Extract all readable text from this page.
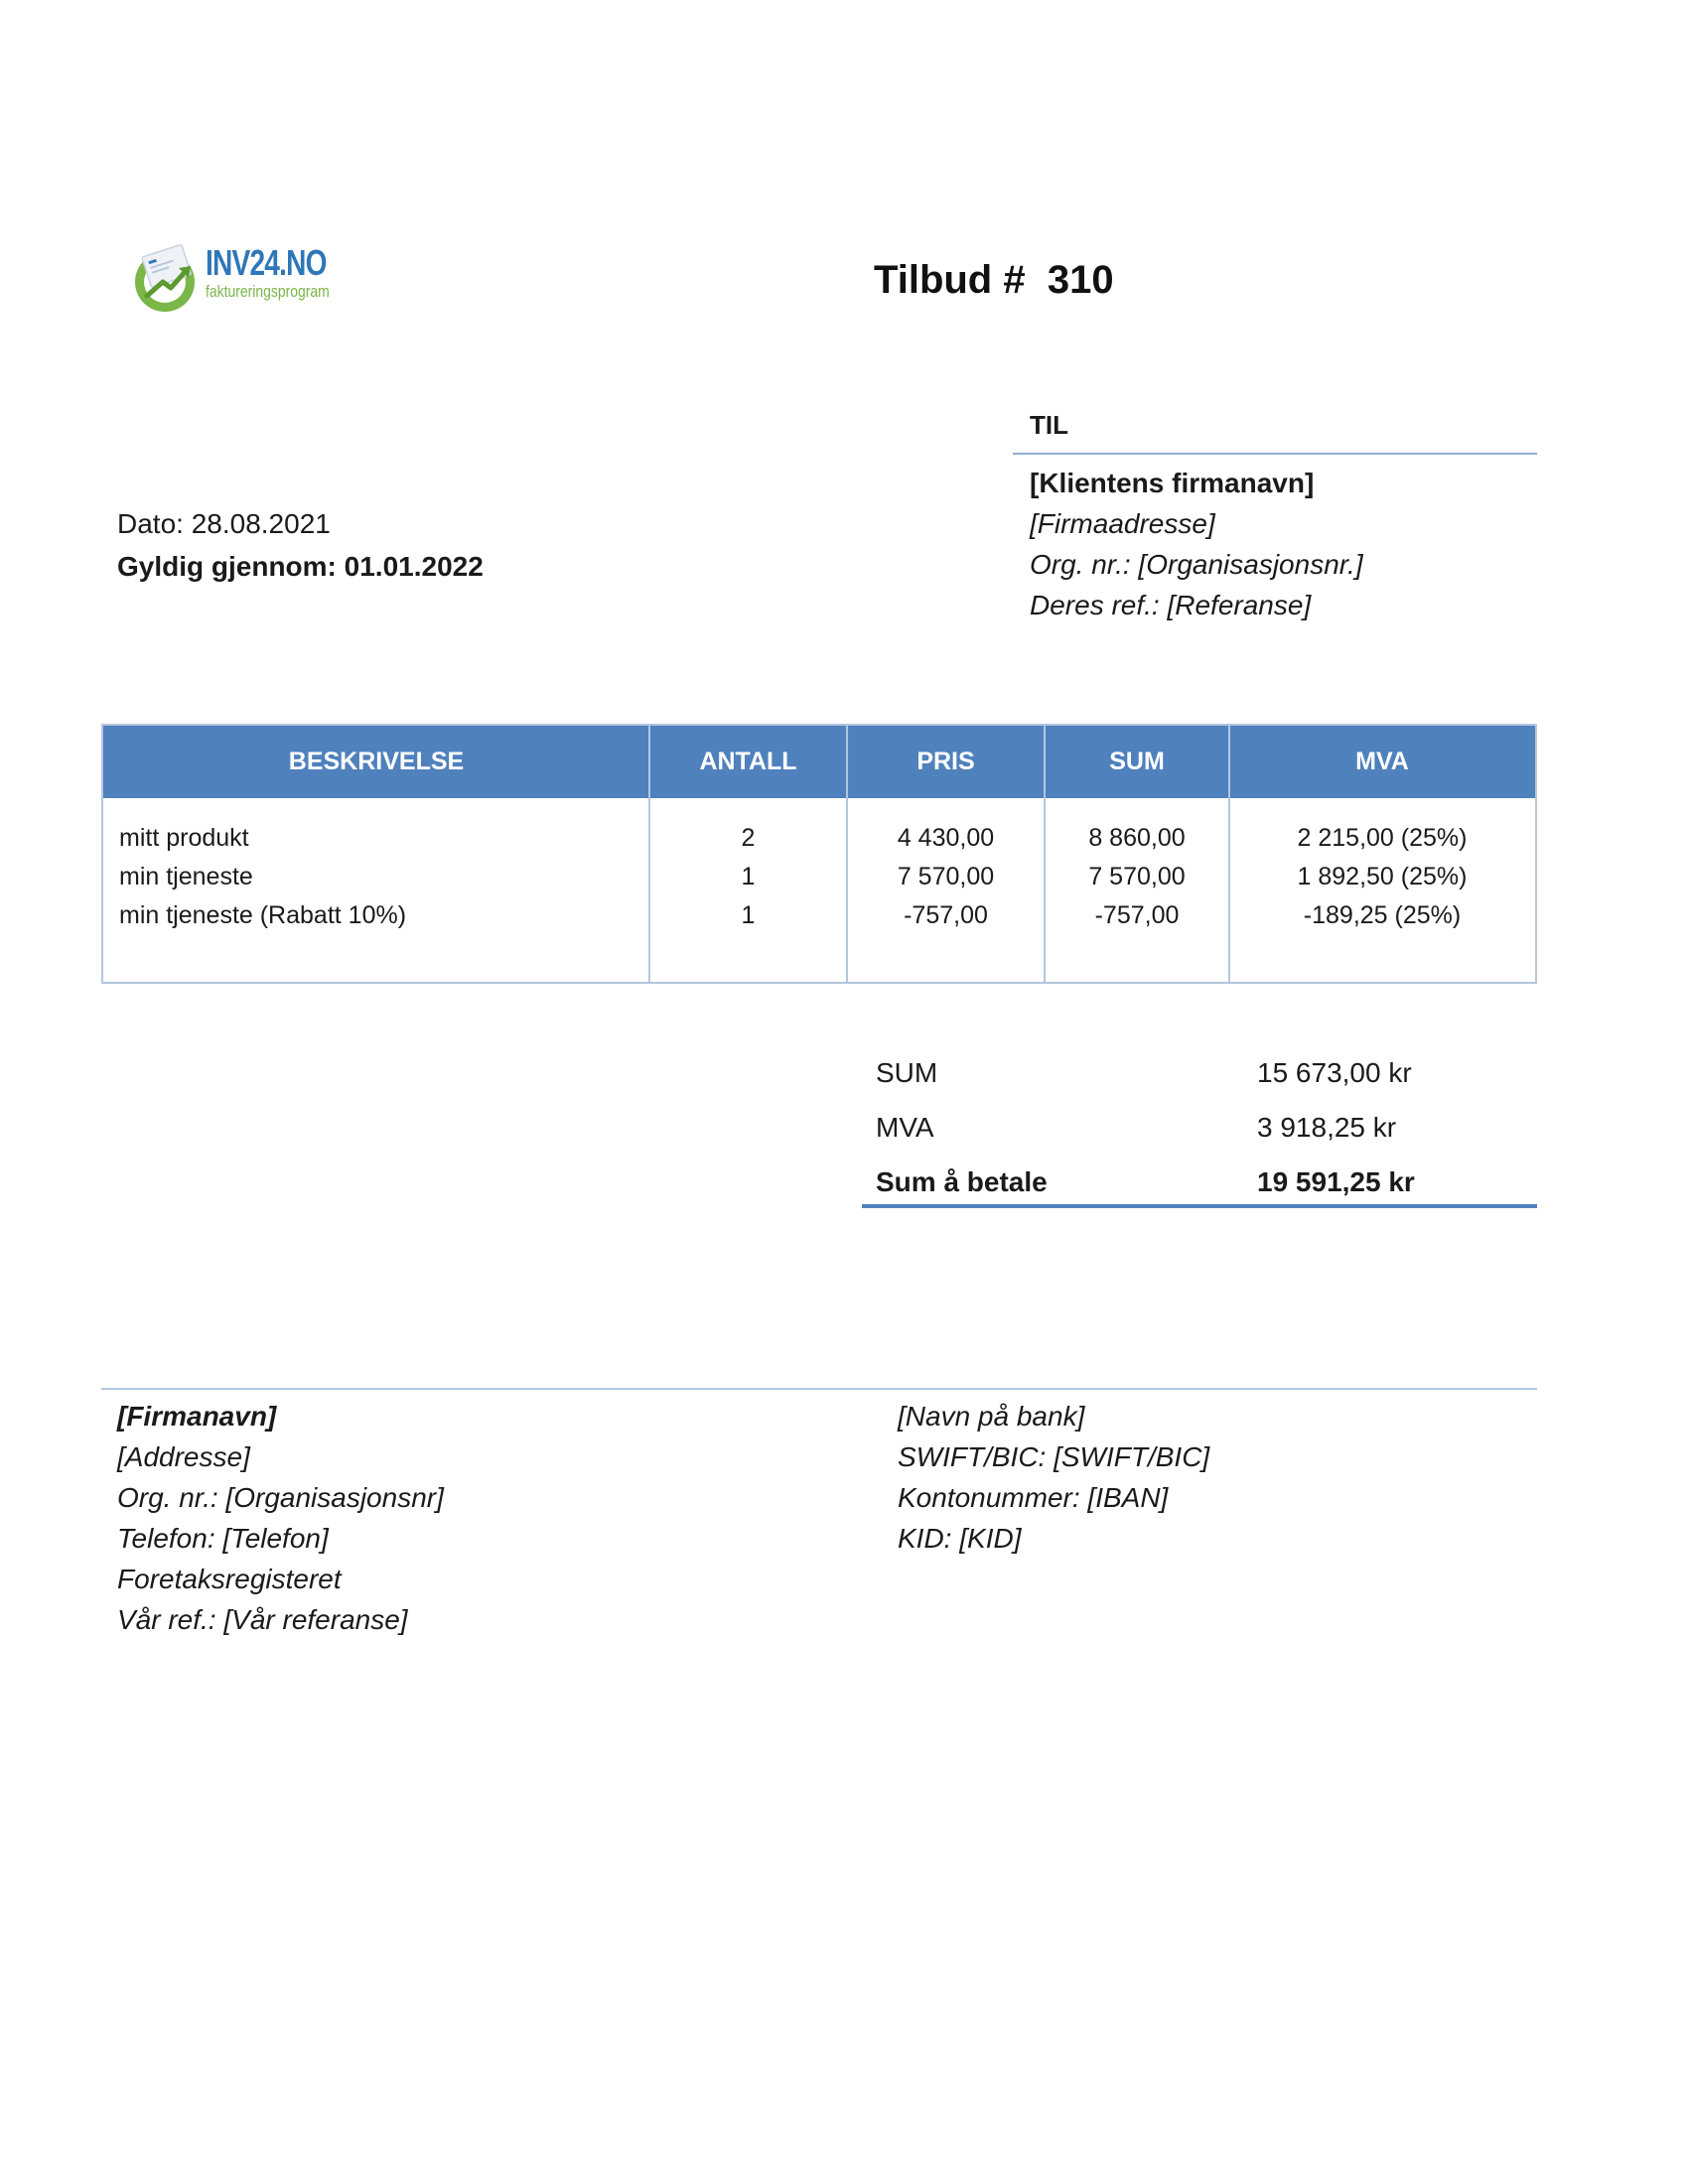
INV24.NO
faktureringsprogram	Tilbud #  310
TIL
[Klientens firmanavn]
[Firmaadresse]
Org. nr.: [Organisasjonsnr.]
Deres ref.: [Referanse]
Dato: 28.08.2021
Gyldig gjennom: 01.01.2022
BESKRIVELSE	ANTALL	PRIS	SUM	MVA
mitt produkt	2	4 430,00	8 860,00	2 215,00 (25%)
min tjeneste	1	7 570,00	7 570,00	1 892,50 (25%)
min tjeneste (Rabatt 10%)	1	-757,00	-757,00	-189,25 (25%)
SUM	15 673,00 kr
MVA	3 918,25 kr
Sum å betale	19 591,25 kr
[Firmanavn]
[Addresse]
Org. nr.: [Organisasjonsnr]
Telefon: [Telefon]
Foretaksregisteret
Vår ref.: [Vår referanse]
[Navn på bank]
SWIFT/BIC: [SWIFT/BIC]
Kontonummer: [IBAN]
KID: [KID]
